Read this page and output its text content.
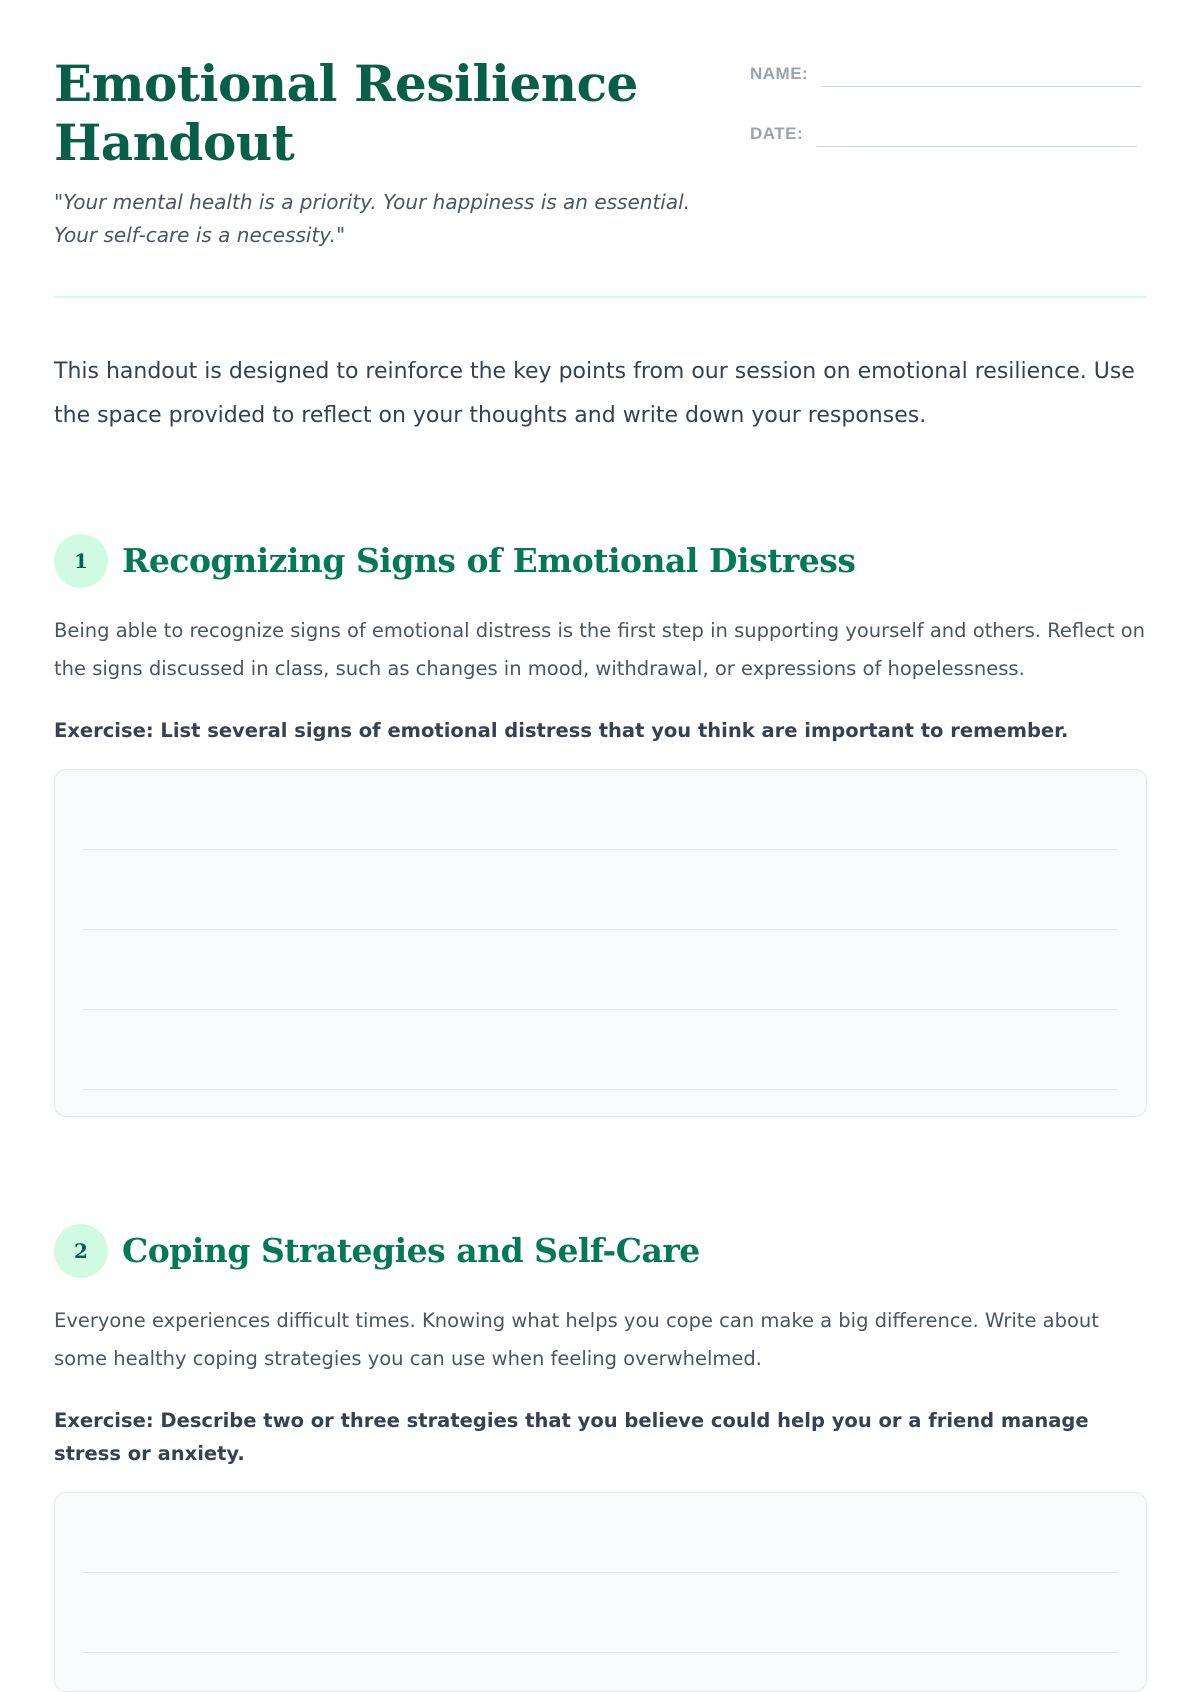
Emotional Resilience Handout

"Your mental health is a priority. Your happiness is an essential.
Your self-care is a necessity."

NAME:
DATE:

This handout is designed to reinforce the key points from our session on emotional resilience. Use the space provided to reflect on your thoughts and write down your responses.

1	Recognizing Signs of Emotional Distress

Being able to recognize signs of emotional distress is the first step in supporting yourself and others. Reflect on the signs discussed in class, such as changes in mood, withdrawal, or expressions of hopelessness.

Exercise: List several signs of emotional distress that you think are important to remember.

2	Coping Strategies and Self-Care

Everyone experiences difficult times. Knowing what helps you cope can make a big difference. Write about some healthy coping strategies you can use when feeling overwhelmed.

Exercise: Describe two or three strategies that you believe could help you or a friend manage stress or anxiety.
